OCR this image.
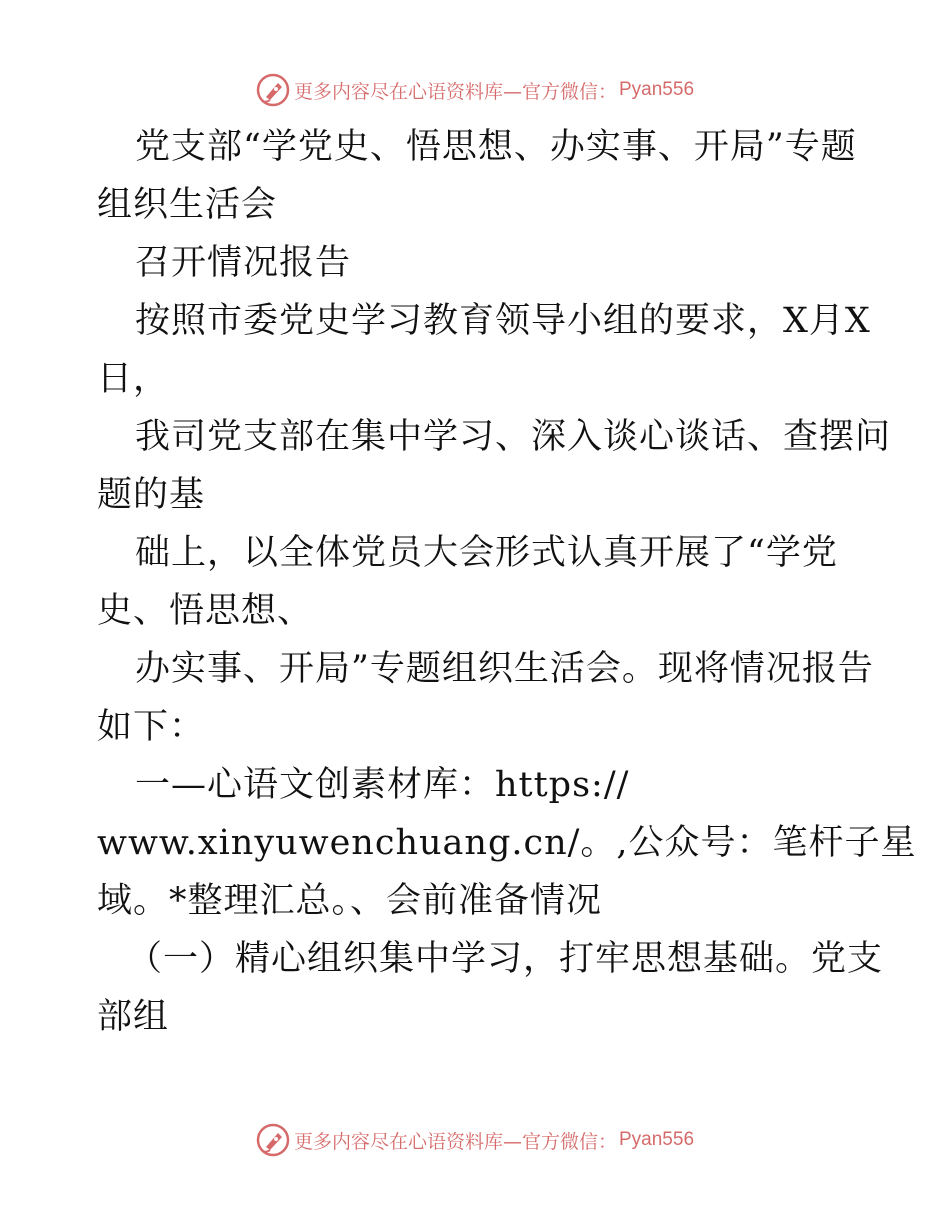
更多内容尽在心语资料库—官方微信： Pyan556
党支部“学党史、悟思想、办实事、开局”专题
组织生活会
召开情况报告
按照市委党史学习教育领导小组的要求，X月X
日，
我司党支部在集中学习、深入谈心谈话、查摆问
题的基
础上，以全体党员大会形式认真开展了“学党
史、悟思想、
办实事、开局”专题组织生活会。现将情况报告
如下：
一—心语文创素材库：https://
www.xinyuwenchuang.cn/。,公众号：笔杆子星
域。*整理汇总。、会前准备情况
（一）精心组织集中学习，打牢思想基础。党支
部组
更多内容尽在心语资料库—官方微信： Pyan556
